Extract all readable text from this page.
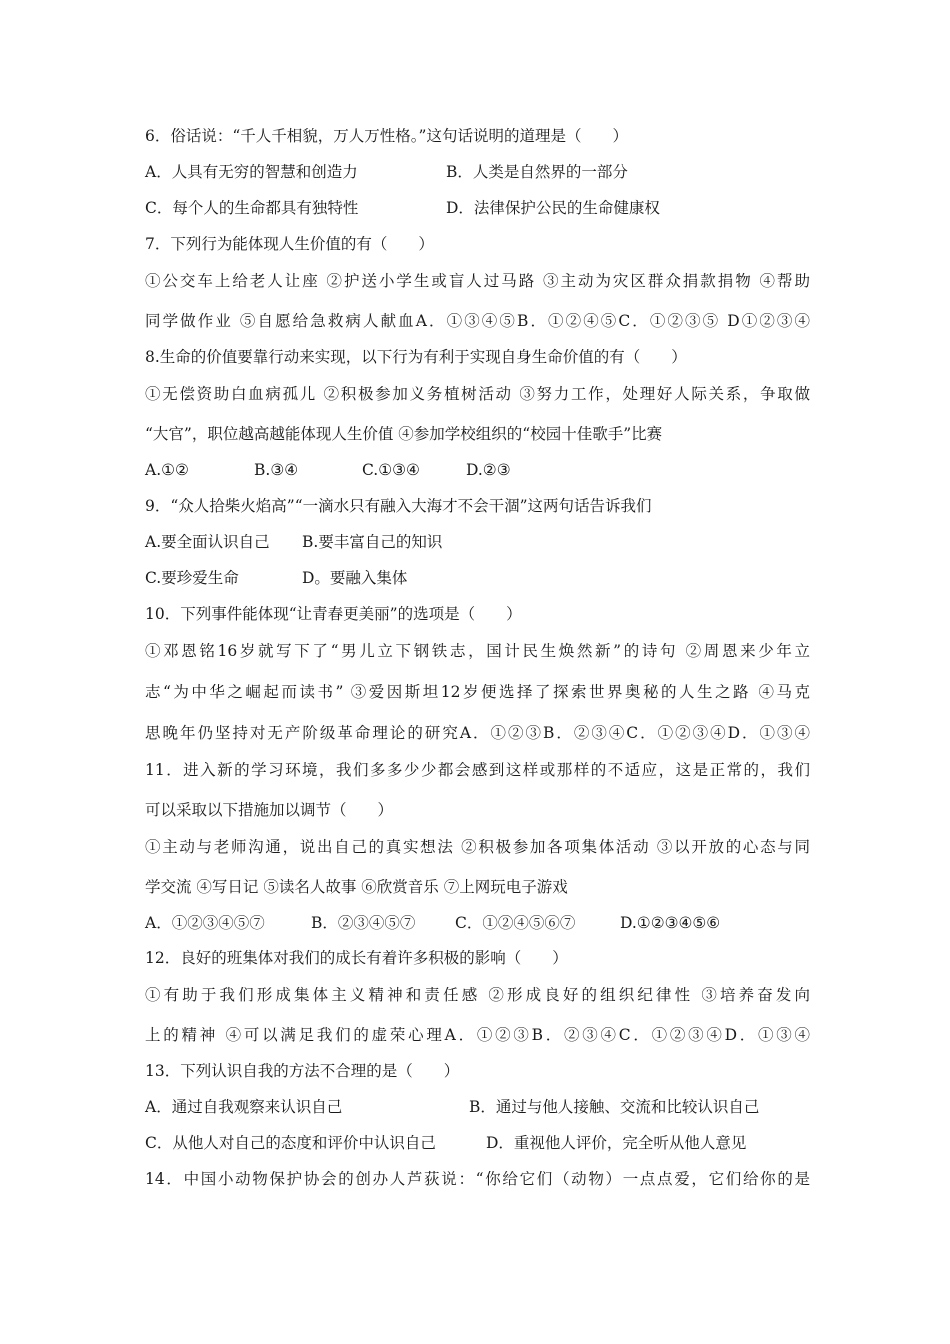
6．俗话说：“千人千相貌，万人万性格。”这句话说明的道理是（　　）
A．人具有无穷的智慧和创造力	B．人类是自然界的一部分
C．每个人的生命都具有独特性	D．法律保护公民的生命健康权
7．下列行为能体现人生价值的有（　　）
①公交车上给老人让座 ②护送小学生或盲人过马路 ③主动为灾区群众捐款捐物 ④帮助
同学做作业 ⑤自愿给急救病人献血A．①③④⑤B．①②④⑤C．①②③⑤ D①②③④
8.生命的价值要靠行动来实现，以下行为有利于实现自身生命价值的有（　　）
①无偿资助白血病孤儿 ②积极参加义务植树活动 ③努力工作，处理好人际关系，争取做
“大官”，职位越高越能体现人生价值 ④参加学校组织的“校园十佳歌手”比赛
A.①②	B.③④	C.①③④	D.②③
9．“众人拾柴火焰高”“一滴水只有融入大海才不会干涸”这两句话告诉我们
A.要全面认识自己 B.要丰富自己的知识
C.要珍爱生命	D。要融入集体
10．下列事件能体现“让青春更美丽”的选项是（　　）
①邓恩铭16岁就写下了“男儿立下钢铁志，国计民生焕然新”的诗句 ②周恩来少年立
志“为中华之崛起而读书” ③爱因斯坦12岁便选择了探索世界奥秘的人生之路 ④马克
思晚年仍坚持对无产阶级革命理论的研究A．①②③B．②③④C．①②③④D．①③④
11．进入新的学习环境，我们多多少少都会感到这样或那样的不适应，这是正常的，我们
可以采取以下措施加以调节（　　）
①主动与老师沟通，说出自己的真实想法 ②积极参加各项集体活动 ③以开放的心态与同
学交流 ④写日记 ⑤读名人故事 ⑥欣赏音乐 ⑦上网玩电子游戏
A．①②③④⑤⑦	B．②③④⑤⑦	C．①②④⑤⑥⑦	D.①②③④⑤⑥
12．良好的班集体对我们的成长有着许多积极的影响（　　）
①有助于我们形成集体主义精神和责任感 ②形成良好的组织纪律性 ③培养奋发向
上的精神 ④可以满足我们的虚荣心理A．①②③B．②③④C．①②③④D．①③④
13．下列认识自我的方法不合理的是（　　）
A．通过自我观察来认识自己	B．通过与他人接触、交流和比较认识自己
C．从他人对自己的态度和评价中认识自己	D．重视他人评价，完全听从他人意见
14．中国小动物保护协会的创办人芦荻说：“你给它们（动物）一点点爱，它们给你的是
